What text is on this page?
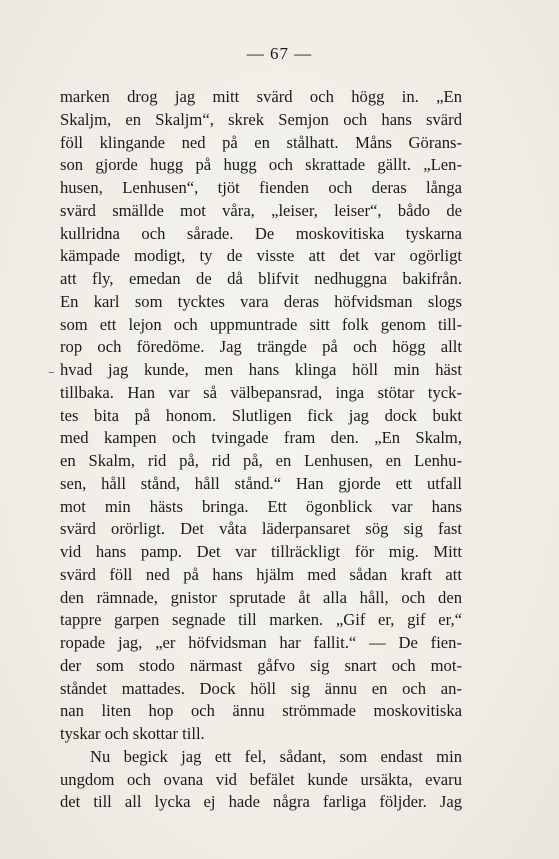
— 67 —
marken drog jag mitt svärd och högg in. „En
Skaljm, en Skaljm“, skrek Semjon och hans svärd
föll klingande ned på en stålhatt. Måns Görans-
son gjorde hugg på hugg och skrattade gällt. „Len-
husen, Lenhusen“, tjöt fienden och deras långa
svärd smällde mot våra, „leiser, leiser“, bådo de
kullridna och sårade. De moskovitiska tyskarna
kämpade modigt, ty de visste att det var ogörligt
att fly, emedan de då blifvit nedhuggna bakifrån.
En karl som tycktes vara deras höfvidsman slogs
som ett lejon och uppmuntrade sitt folk genom till-
rop och föredöme. Jag trängde på och högg allt
hvad jag kunde, men hans klinga höll min häst
tillbaka. Han var så välbepansrad, inga stötar tyck-
tes bita på honom. Slutligen fick jag dock bukt
med kampen och tvingade fram den. „En Skalm,
en Skalm, rid på, rid på, en Lenhusen, en Lenhu-
sen, håll stånd, håll stånd.“ Han gjorde ett utfall
mot min hästs bringa. Ett ögonblick var hans
svärd orörligt. Det våta läderpansaret sög sig fast
vid hans pamp. Det var tillräckligt för mig. Mitt
svärd föll ned på hans hjälm med sådan kraft att
den rämnade, gnistor sprutade åt alla håll, och den
tappre garpen segnade till marken. „Gif er, gif er,“
ropade jag, „er höfvidsman har fallit.“ — De fien-
der som stodo närmast gåfvo sig snart och mot-
ståndet mattades. Dock höll sig ännu en och an-
nan liten hop och ännu strömmade moskovitiska
tyskar och skottar till.
Nu begick jag ett fel, sådant, som endast min
ungdom och ovana vid befälet kunde ursäkta, evaru
det till all lycka ej hade några farliga följder. Jag
